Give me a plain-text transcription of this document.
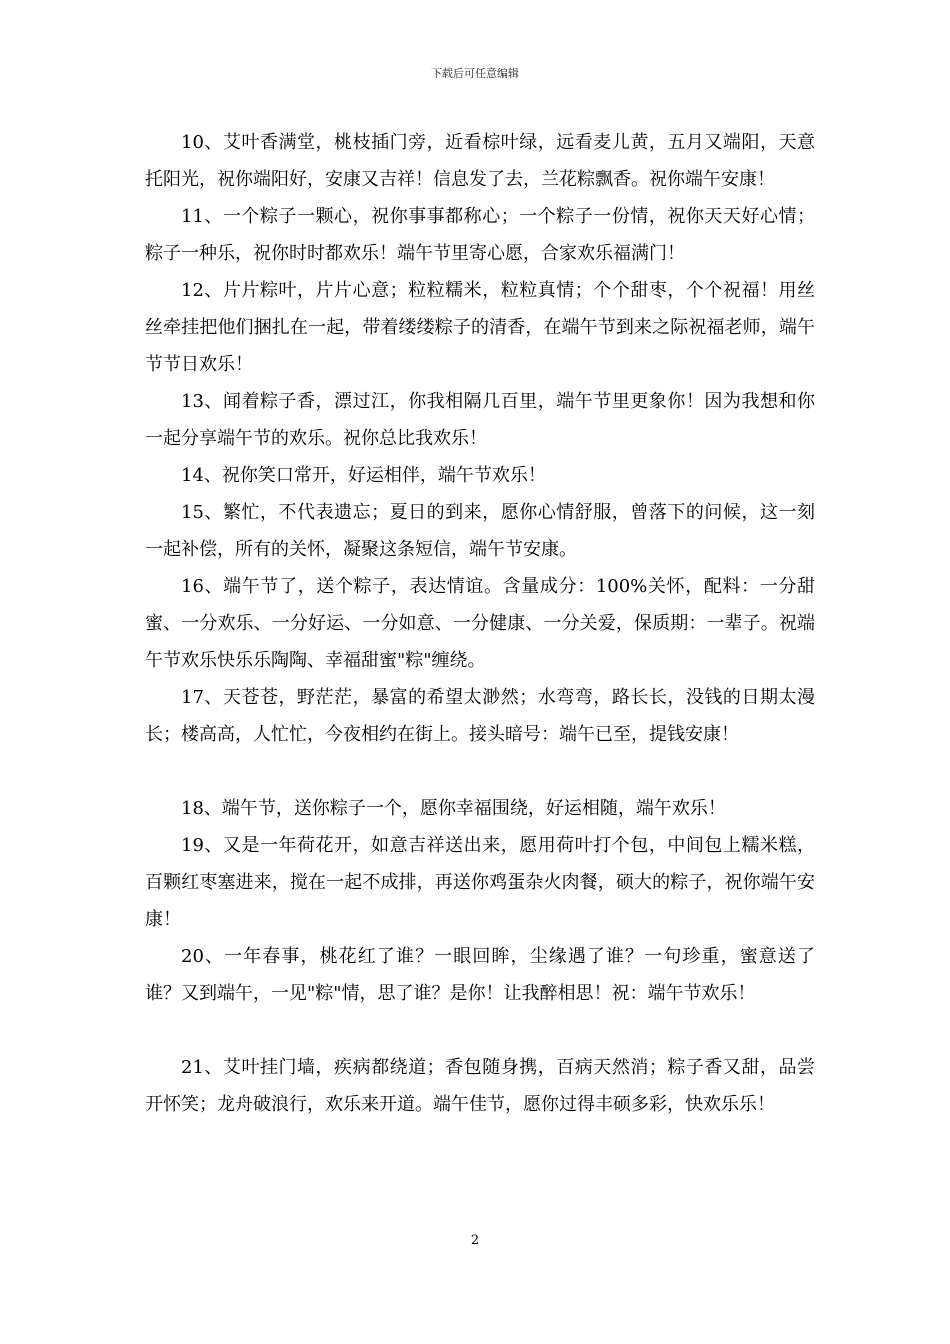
下载后可任意编辑

10、艾叶香满堂，桃枝插门旁，近看棕叶绿，远看麦儿黄，五月又端阳，天意托阳光，祝你端阳好，安康又吉祥！信息发了去，兰花粽飘香。祝你端午安康！

11、一个粽子一颗心，祝你事事都称心；一个粽子一份情，祝你天天好心情；粽子一种乐，祝你时时都欢乐！端午节里寄心愿，合家欢乐福满门！

12、片片粽叶，片片心意；粒粒糯米，粒粒真情；个个甜枣，个个祝福！用丝丝牵挂把他们捆扎在一起，带着缕缕粽子的清香，在端午节到来之际祝福老师，端午节节日欢乐！

13、闻着粽子香，漂过江，你我相隔几百里，端午节里更象你！因为我想和你一起分享端午节的欢乐。祝你总比我欢乐！

14、祝你笑口常开，好运相伴，端午节欢乐！

15、繁忙，不代表遗忘；夏日的到来，愿你心情舒服，曾落下的问候，这一刻一起补偿，所有的关怀，凝聚这条短信，端午节安康。

16、端午节了，送个粽子，表达情谊。含量成分：100%关怀，配料：一分甜蜜、一分欢乐、一分好运、一分如意、一分健康、一分关爱，保质期：一辈子。祝端午节欢乐快乐乐陶陶、幸福甜蜜"粽"缠绕。

17、天苍苍，野茫茫，暴富的希望太渺然；水弯弯，路长长，没钱的日期太漫长；楼高高，人忙忙，今夜相约在街上。接头暗号：端午已至，提钱安康！

18、端午节，送你粽子一个，愿你幸福围绕，好运相随，端午欢乐！

19、又是一年荷花开，如意吉祥送出来，愿用荷叶打个包，中间包上糯米糕，百颗红枣塞进来，搅在一起不成排，再送你鸡蛋杂火肉餐，硕大的粽子，祝你端午安康！

20、一年春事，桃花红了谁？一眼回眸，尘缘遇了谁？一句珍重，蜜意送了谁？又到端午，一见"粽"情，思了谁？是你！让我醉相思！祝：端午节欢乐！

21、艾叶挂门墙，疾病都绕道；香包随身携，百病天然消；粽子香又甜，品尝开怀笑；龙舟破浪行，欢乐来开道。端午佳节，愿你过得丰硕多彩，快欢乐乐！

2
